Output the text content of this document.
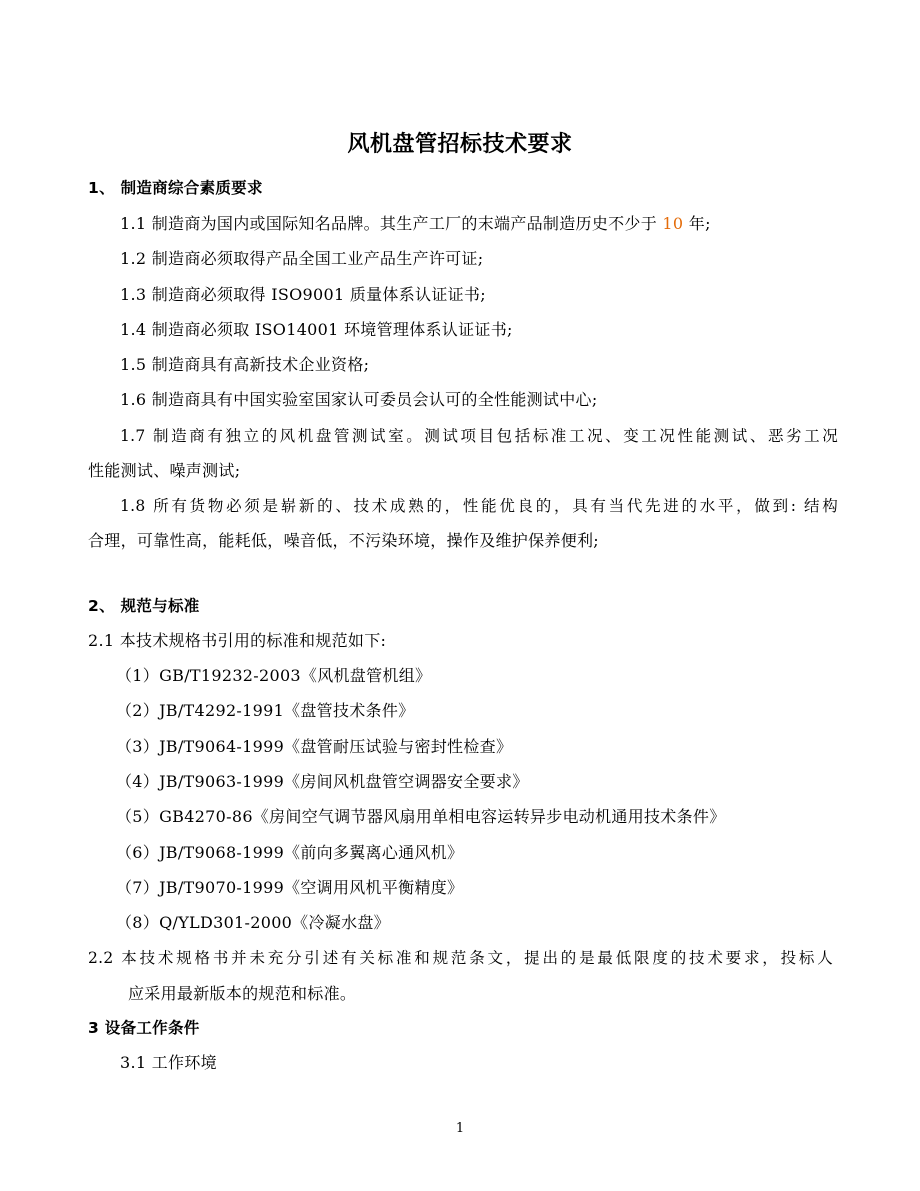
风机盘管招标技术要求
1、 制造商综合素质要求
1.1 制造商为国内或国际知名品牌。其生产工厂的末端产品制造历史不少于 10 年;
1.2 制造商必须取得产品全国工业产品生产许可证;
1.3 制造商必须取得 ISO9001 质量体系认证证书;
1.4 制造商必须取 ISO14001 环境管理体系认证证书;
1.5 制造商具有高新技术企业资格;
1.6 制造商具有中国实验室国家认可委员会认可的全性能测试中心;
1.7 制造商有独立的风机盘管测试室。测试项目包括标准工况、变工况性能测试、恶劣工况
性能测试、噪声测试;
1.8 所有货物必须是崭新的、技术成熟的，性能优良的，具有当代先进的水平，做到: 结构
合理，可靠性高，能耗低，噪音低，不污染环境，操作及维护保养便利;
2、 规范与标准
2.1 本技术规格书引用的标准和规范如下:
（1）GB/T19232-2003《风机盘管机组》
（2）JB/T4292-1991《盘管技术条件》
（3）JB/T9064-1999《盘管耐压试验与密封性检查》
（4）JB/T9063-1999《房间风机盘管空调器安全要求》
（5）GB4270-86《房间空气调节器风扇用单相电容运转异步电动机通用技术条件》
（6）JB/T9068-1999《前向多翼离心通风机》
（7）JB/T9070-1999《空调用风机平衡精度》
（8）Q/YLD301-2000《冷凝水盘》
2.2 本技术规格书并未充分引述有关标准和规范条文，提出的是最低限度的技术要求，投标人
应采用最新版本的规范和标准。
3 设备工作条件
3.1 工作环境
1
